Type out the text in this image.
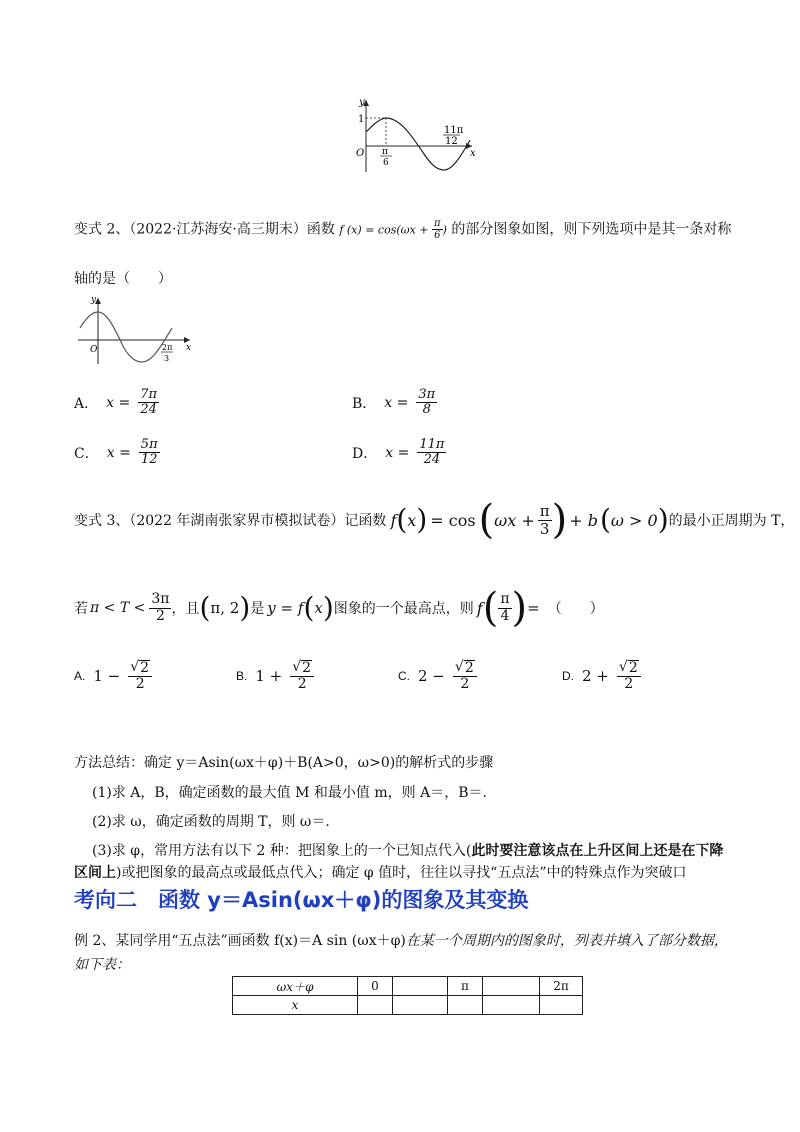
y
x
O
1
π
6
11π
12
变式 2、（2022·江苏海安·高三期末）函数 f $(x) = \cos(\omega x + \frac{\pi}{6}$ ) 的部分图象如图，则下列选项中是其一条对称
轴的是（　　）
y
x
O	2π
3
A． $x = \frac{7\pi}{24}$	B． $x = \frac{3\pi}{8}$
C． $x = \frac{5\pi}{12}$	D． $x = \frac{11\pi}{24}$
变式 3、（2022 年湖南张家界市模拟试卷）记函数 f ( x ) = cos ( $\omega x + \frac{\pi}{3}$ ) + b ( ω > 0 ) 的最小正周期为 T，
若 $\pi < T < \frac{3\pi}{2}$ ，且 ( π, 2 ) 是 y = f ( x ) 图象的一个最高点，则 f ( $\frac{\pi}{4}$ ) = （　　）
A. $1 - \frac{√ 2}{2}$	B. $1 + \frac{√ 2}{2}$	C. $2 - \frac{√ 2}{2}$	D. $2 + \frac{√ 2}{2}$
方法总结：确定 y＝Asin(ωx＋φ)＋B(A>0，ω>0)的解析式的步骤
(1)求 A，B，确定函数的最大值 M 和最小值 m，则 A＝，B＝.
(2)求 ω，确定函数的周期 T，则 ω＝.
(3)求 φ，常用方法有以下 2 种：把图象上的一个已知点代入(此时要注意该点在上升区间上还是在下降
区间上)或把图象的最高点或最低点代入；确定 φ 值时，往往以寻找“五点法”中的特殊点作为突破口
考向二　函数 y＝Asin(ωx＋φ)的图象及其变换
例 2、某同学用“五点法”画函数 f(x)＝A sin (ωx＋φ)在某一个周期内的图象时，列表并填入了部分数据，
如下表：
ωx＋φ	0		π		2π
x					
